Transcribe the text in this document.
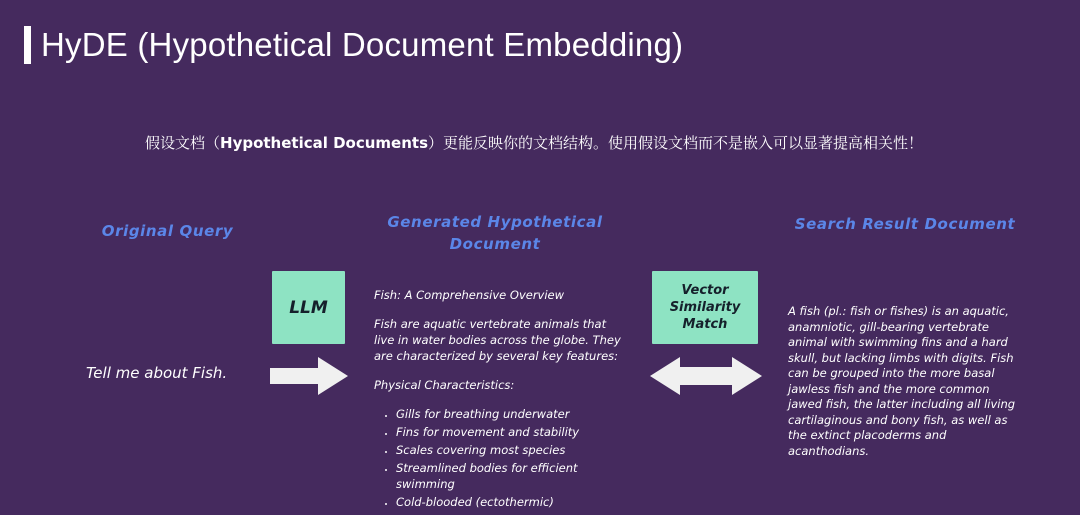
HyDE (Hypothetical Document Embedding)
假设文档（Hypothetical Documents）更能反映你的文档结构。使用假设文档而不是嵌入可以显著提高相关性！
Original Query	Generated Hypothetical
Document
Search Result Document
Tell me about Fish.
LLM

Fish: A Comprehensive Overview

Fish are aquatic vertebrate animals that live in water bodies across the globe. They are characterized by several key features:

Physical Characteristics:

• Gills for breathing underwater
• Fins for movement and stability
• Scales covering most species
• Streamlined bodies for efficient swimming
• Cold-blooded (ectothermic)
Vector
Similarity
Match
A fish (pl.: fish or fishes) is an aquatic, anamniotic, gill-bearing vertebrate animal with swimming fins and a hard skull, but lacking limbs with digits. Fish can be grouped into the more basal jawless fish and the more common jawed fish, the latter including all living cartilaginous and bony fish, as well as the extinct placoderms and acanthodians.
